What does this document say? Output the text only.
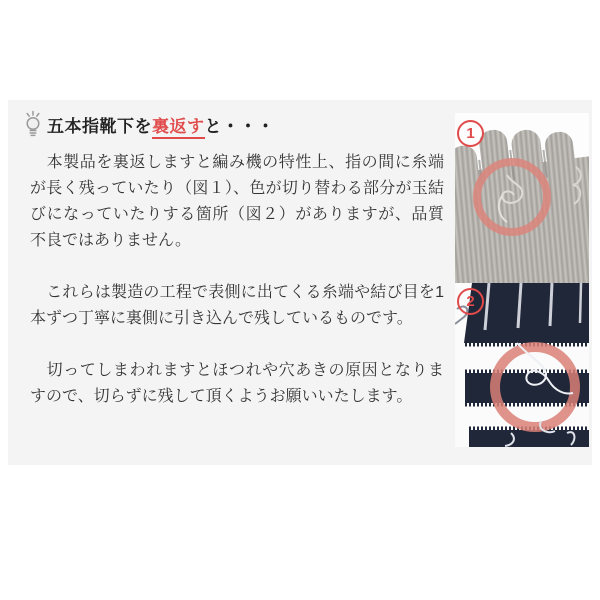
五本指靴下を裏返すと・・・

　本製品を裏返しますと編み機の特性上、指の間に糸端が長く残っていたり（図１）、色が切り替わる部分が玉結びになっていたりする箇所（図２）がありますが、品質不良ではありません。

　これらは製造の工程で表側に出てくる糸端や結び目を1本ずつ丁寧に裏側に引き込んで残しているものです。

　切ってしまわれますとほつれや穴あきの原因となりますので、切らずに残して頂くようお願いいたします。

1
2
